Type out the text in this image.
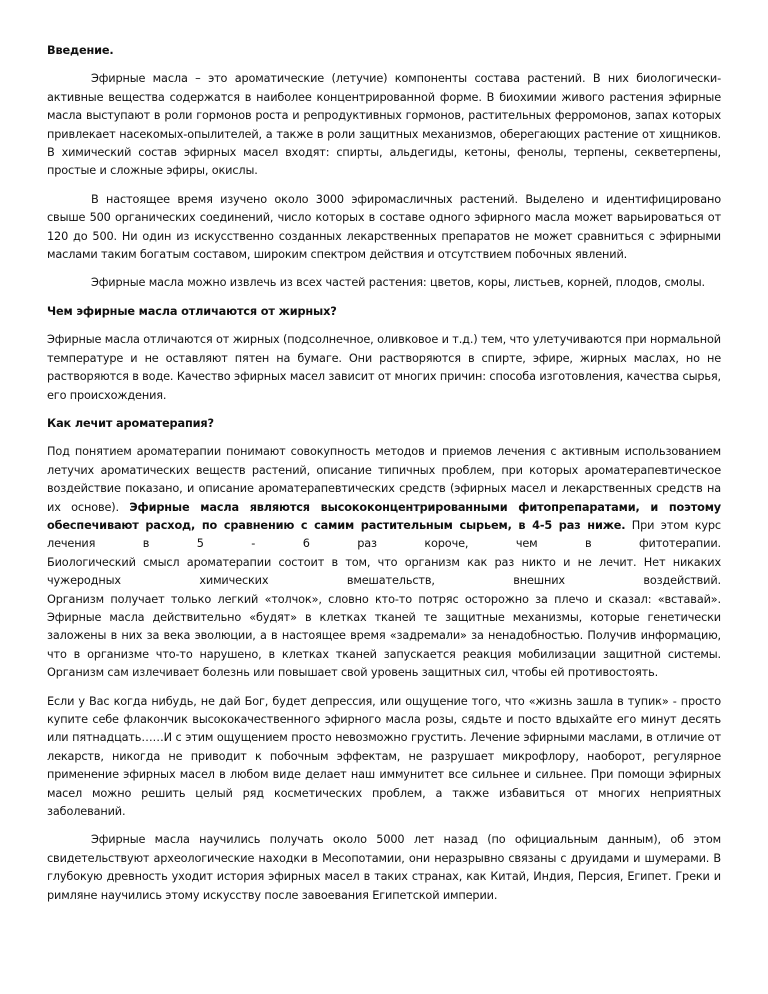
Введение.

Эфирные масла – это ароматические (летучие) компоненты состава растений. В них биологически-активные вещества содержатся в наиболее концентрированной форме. В биохимии живого растения эфирные масла выступают в роли гормонов роста и репродуктивных гормонов, растительных ферромонов, запах которых привлекает насекомых-опылителей, а также в роли защитных механизмов, оберегающих растение от хищников. В химический состав эфирных масел входят: спирты, альдегиды, кетоны, фенолы, терпены, секветерпены, простые и сложные эфиры, окислы.

В настоящее время изучено около 3000 эфиромасличных растений. Выделено и идентифицировано свыше 500 органических соединений, число которых в составе одного эфирного масла может варьироваться от 120 до 500. Ни один из искусственно созданных лекарственных препаратов не может сравниться с эфирными маслами таким богатым составом, широким спектром действия и отсутствием побочных явлений.

Эфирные масла можно извлечь из всех частей растения: цветов, коры, листьев, корней, плодов, смолы.

Чем эфирные масла отличаются от жирных?

Эфирные масла отличаются от жирных (подсолнечное, оливковое и т.д.) тем, что улетучиваются при нормальной температуре и не оставляют пятен на бумаге. Они растворяются в спирте, эфире, жирных маслах, но не растворяются в воде. Качество эфирных масел зависит от многих причин: способа изготовления, качества сырья, его происхождения.

Как лечит ароматерапия?

Под понятием ароматерапии понимают совокупность методов и приемов лечения с активным использованием летучих ароматических веществ растений, описание типичных проблем, при которых ароматерапевтическое воздействие показано, и описание ароматерапевтических средств (эфирных масел и лекарственных средств на их основе). Эфирные масла являются высококонцентрированными фитопрепаратами, и поэтому обеспечивают расход, по сравнению с самим растительным сырьем, в 4-5 раз ниже. При этом курс лечения в 5 - 6 раз короче, чем в фитотерапии.

Биологический смысл ароматерапии состоит в том, что организм как раз никто и не лечит. Нет никаких чужеродных химических вмешательств, внешних воздействий.

Организм получает только легкий «толчок», словно кто-то потряс осторожно за плечо и сказал: «вставай». Эфирные масла действительно «будят» в клетках тканей те защитные механизмы, которые генетически заложены в них за века эволюции, а в настоящее время «задремали» за ненадобностью. Получив информацию, что в организме что-то нарушено, в клетках тканей запускается реакция мобилизации защитной системы. Организм сам излечивает болезнь или повышает свой уровень защитных сил, чтобы ей противостоять.

Если у Вас когда нибудь, не дай Бог, будет депрессия, или ощущение того, что «жизнь зашла в тупик» - просто купите себе флакончик высококачественного эфирного масла розы, сядьте и посто вдыхайте его минут десять или пятнадцать……И с этим ощущением просто невозможно грустить. Лечение эфирными маслами, в отличие от лекарств, никогда не приводит к побочным эффектам, не разрушает микрофлору, наоборот, регулярное применение эфирных масел в любом виде делает наш иммунитет все сильнее и сильнее. При помощи эфирных масел можно решить целый ряд косметических проблем, а также избавиться от многих неприятных заболеваний.

Эфирные масла научились получать около 5000 лет назад (по официальным данным), об этом свидетельствуют археологические находки в Месопотамии, они неразрывно связаны с друидами и шумерами. В глубокую древность уходит история эфирных масел в таких странах, как Китай, Индия, Персия, Египет. Греки и римляне научились этому искусству после завоевания Египетской империи.
